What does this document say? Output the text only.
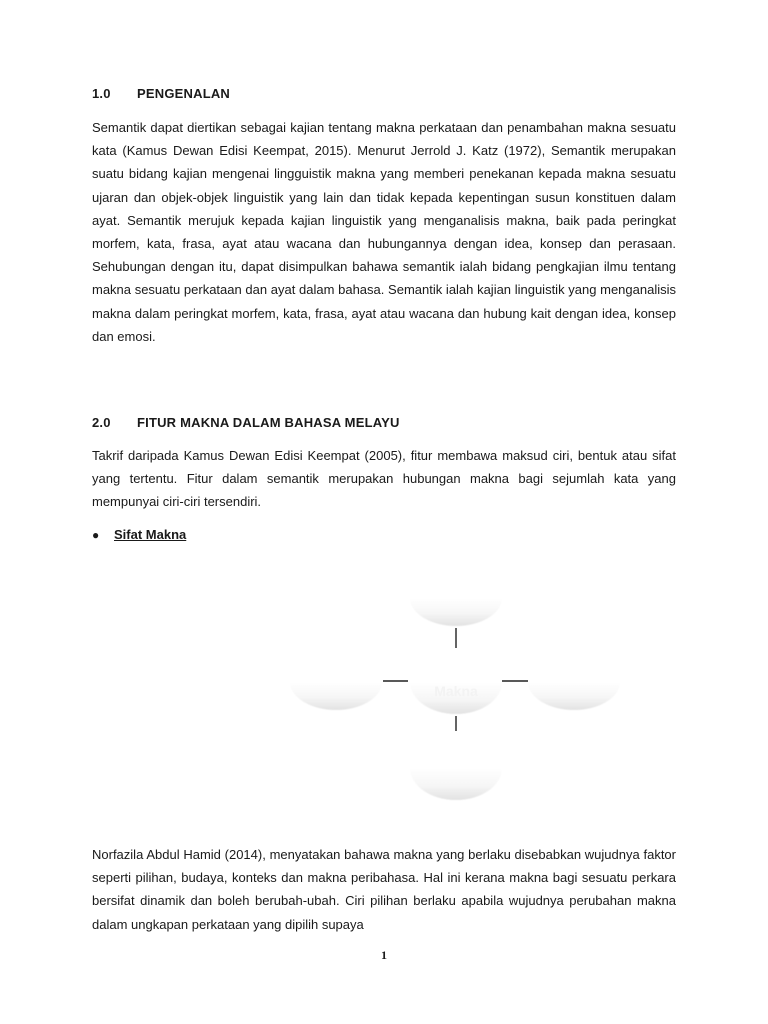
1.0 PENGENALAN

Semantik dapat diertikan sebagai kajian tentang makna perkataan dan penambahan makna sesuatu kata (Kamus Dewan Edisi Keempat, 2015). Menurut Jerrold J. Katz (1972), Semantik merupakan suatu bidang kajian mengenai lingguistik makna yang memberi penekanan kepada makna sesuatu ujaran dan objek-objek linguistik yang lain dan tidak kepada kepentingan susun konstituen dalam ayat. Semantik merujuk kepada kajian linguistik yang menganalisis makna, baik pada peringkat morfem, kata, frasa, ayat atau wacana dan hubungannya dengan idea, konsep dan perasaan. Sehubungan dengan itu, dapat disimpulkan bahawa semantik ialah bidang pengkajian ilmu tentang makna sesuatu perkataan dan ayat dalam bahasa. Semantik ialah kajian linguistik yang menganalisis makna dalam peringkat morfem, kata, frasa, ayat atau wacana dan hubung kait dengan idea, konsep dan emosi.

2.0 FITUR MAKNA DALAM BAHASA MELAYU

Takrif daripada Kamus Dewan Edisi Keempat (2005), fitur membawa maksud ciri, bentuk atau sifat yang tertentu. Fitur dalam semantik merupakan hubungan makna bagi sejumlah kata yang mempunyai ciri-ciri tersendiri.

● Sifat Makna
Makna

Norfazila Abdul Hamid (2014), menyatakan bahawa makna yang berlaku disebabkan wujudnya faktor seperti pilihan, budaya, konteks dan makna peribahasa. Hal ini kerana makna bagi sesuatu perkara bersifat dinamik dan boleh berubah-ubah. Ciri pilihan berlaku apabila wujudnya perubahan makna dalam ungkapan perkataan yang dipilih supaya

1
